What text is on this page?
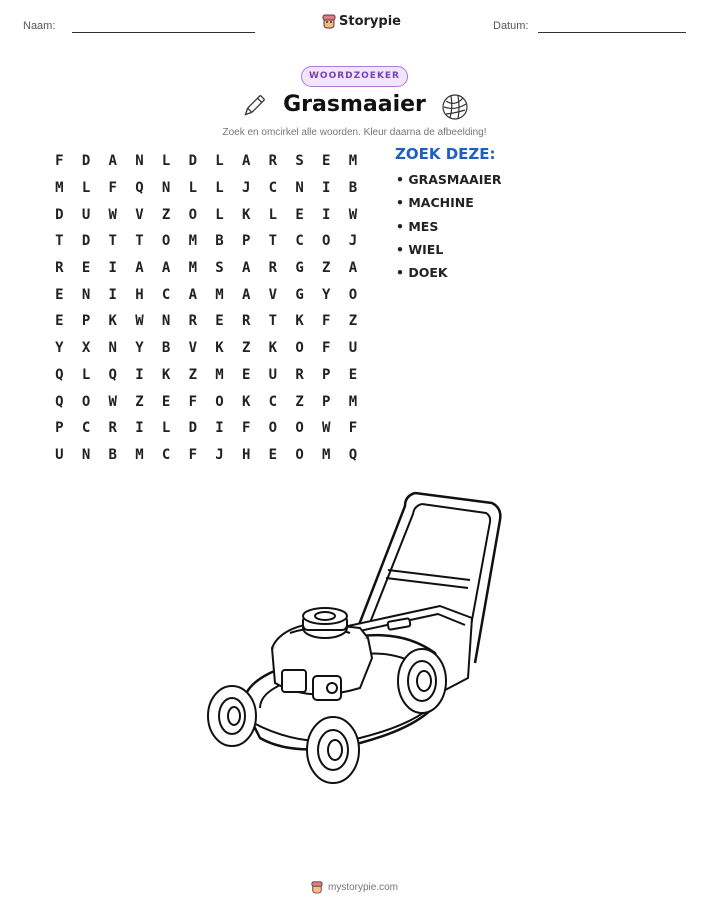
Naam:	Storypie	Datum:
WOORDZOEKER
Grasmaaier
Zoek en omcirkel alle woorden. Kleur daarna de afbeelding!
F	D	A	N	L	D	L	A	R	S	E	M
M	L	F	Q	N	L	L	J	C	N	I	B
D	U	W	V	Z	O	L	K	L	E	I	W
T	D	T	T	O	M	B	P	T	C	O	J
R	E	I	A	A	M	S	A	R	G	Z	A
E	N	I	H	C	A	M	A	V	G	Y	O
E	P	K	W	N	R	E	R	T	K	F	Z
Y	X	N	Y	B	V	K	Z	K	O	F	U
Q	L	Q	I	K	Z	M	E	U	R	P	E
Q	O	W	Z	E	F	O	K	C	Z	P	M
P	C	R	I	L	D	I	F	O	O	W	F
U	N	B	M	C	F	J	H	E	O	M	Q
ZOEK DEZE:
• GRASMAAIER
• MACHINE
• MES
• WIEL
• DOEK
mystorypie.com
